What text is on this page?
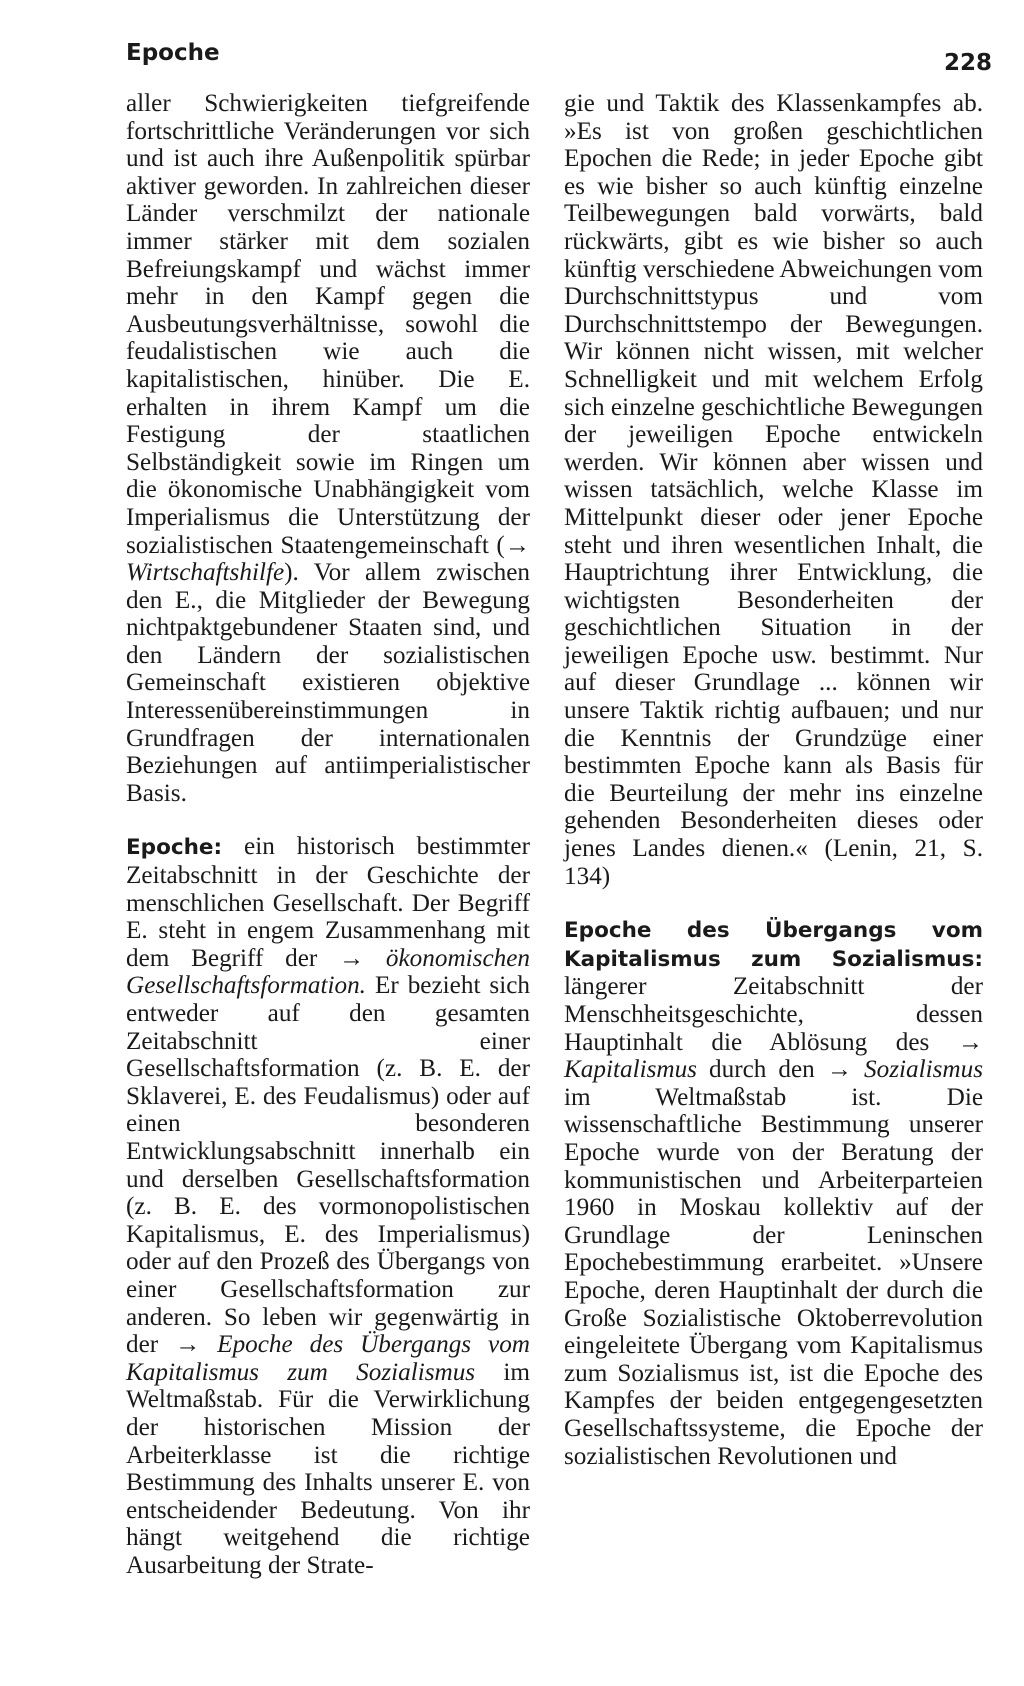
Epoche	228

aller Schwierigkeiten tiefgreifende fortschrittliche Veränderungen vor sich und ist auch ihre Außenpolitik spürbar aktiver geworden. In zahlreichen dieser Länder verschmilzt der nationale immer stärker mit dem sozialen Befreiungskampf und wächst immer mehr in den Kampf gegen die Ausbeutungsverhältnisse, sowohl die feudalistischen wie auch die kapitalistischen, hinüber. Die E. erhalten in ihrem Kampf um die Festigung der staatlichen Selbständigkeit sowie im Ringen um die ökonomische Unabhängigkeit vom Imperialismus die Unterstützung der sozialistischen Staatengemeinschaft (→ Wirtschaftshilfe). Vor allem zwischen den E., die Mitglieder der Bewegung nichtpaktgebundener Staaten sind, und den Ländern der sozialistischen Gemeinschaft existieren objektive Interessenübereinstimmungen in Grundfragen der internationalen Beziehungen auf antiimperialistischer Basis.

Epoche: ein historisch bestimmter Zeitabschnitt in der Geschichte der menschlichen Gesellschaft. Der Begriff E. steht in engem Zusammenhang mit dem Begriff der → ökonomischen Gesellschaftsformation. Er bezieht sich entweder auf den gesamten Zeitabschnitt einer Gesellschaftsformation (z. B. E. der Sklaverei, E. des Feudalismus) oder auf einen besonderen Entwicklungsabschnitt innerhalb ein und derselben Gesellschaftsformation (z. B. E. des vormonopolistischen Kapitalismus, E. des Imperialismus) oder auf den Prozeß des Übergangs von einer Gesellschaftsformation zur anderen. So leben wir gegenwärtig in der → Epoche des Übergangs vom Kapitalismus zum Sozialismus im Weltmaßstab. Für die Verwirklichung der historischen Mission der Arbeiterklasse ist die richtige Bestimmung des Inhalts unserer E. von entscheidender Bedeutung. Von ihr hängt weitgehend die richtige Ausarbeitung der Strate-

gie und Taktik des Klassenkampfes ab. »Es ist von großen geschichtlichen Epochen die Rede; in jeder Epoche gibt es wie bisher so auch künftig einzelne Teilbewegungen bald vorwärts, bald rückwärts, gibt es wie bisher so auch künftig verschiedene Abweichungen vom Durchschnittstypus und vom Durchschnittstempo der Bewegungen. Wir können nicht wissen, mit welcher Schnelligkeit und mit welchem Erfolg sich einzelne geschichtliche Bewegungen der jeweiligen Epoche entwickeln werden. Wir können aber wissen und wissen tatsächlich, welche Klasse im Mittelpunkt dieser oder jener Epoche steht und ihren wesentlichen Inhalt, die Hauptrichtung ihrer Entwicklung, die wichtigsten Besonderheiten der geschichtlichen Situation in der jeweiligen Epoche usw. bestimmt. Nur auf dieser Grundlage ... können wir unsere Taktik richtig aufbauen; und nur die Kenntnis der Grundzüge einer bestimmten Epoche kann als Basis für die Beurteilung der mehr ins einzelne gehenden Besonderheiten dieses oder jenes Landes dienen.« (Lenin, 21, S. 134)

Epoche des Übergangs vom Kapitalismus zum Sozialismus: längerer Zeitabschnitt der Menschheitsgeschichte, dessen Hauptinhalt die Ablösung des → Kapitalismus durch den → Sozialismus im Weltmaßstab ist. Die wissenschaftliche Bestimmung unserer Epoche wurde von der Beratung der kommunistischen und Arbeiterparteien 1960 in Moskau kollektiv auf der Grundlage der Leninschen Epochebestimmung erarbeitet. »Unsere Epoche, deren Hauptinhalt der durch die Große Sozialistische Oktoberrevolution eingeleitete Übergang vom Kapitalismus zum Sozialismus ist, ist die Epoche des Kampfes der beiden entgegengesetzten Gesellschaftssysteme, die Epoche der sozialistischen Revolutionen und
